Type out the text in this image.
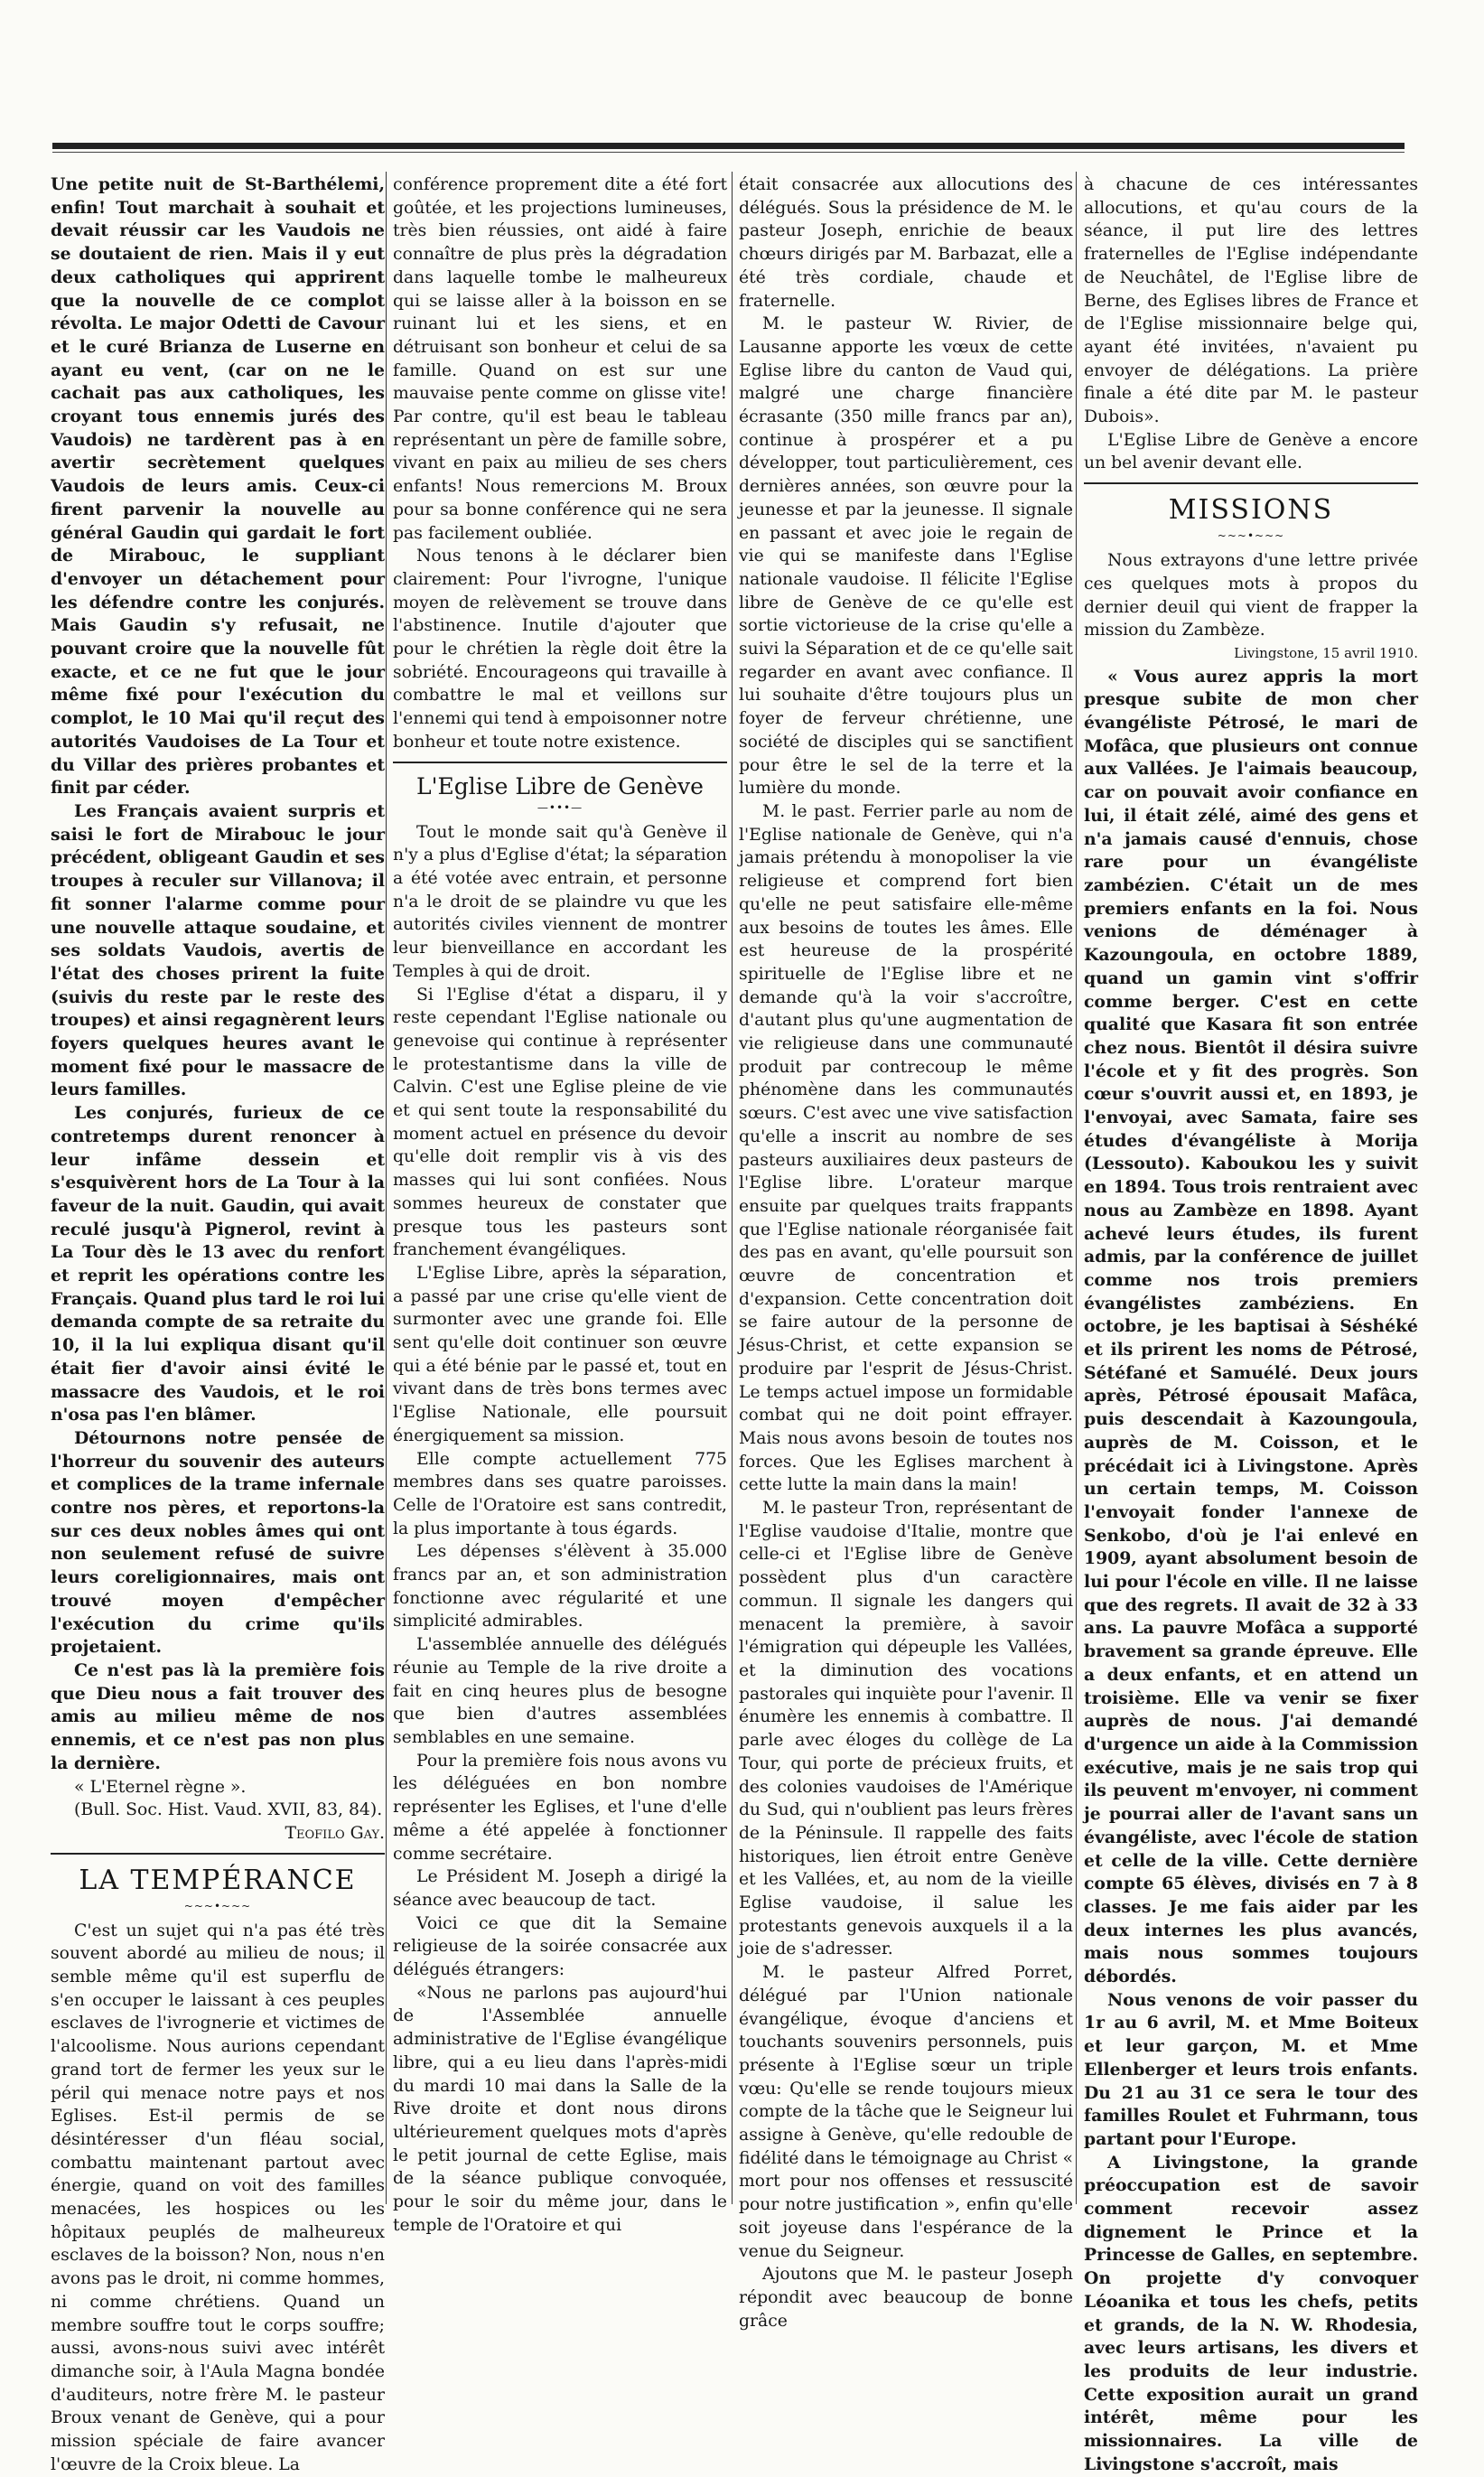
Une petite nuit de St-Barthélemi, enfin! Tout marchait à souhait et devait réussir car les Vaudois ne se doutaient de rien. Mais il y eut deux catholiques qui apprirent que la nouvelle de ce complot révolta. Le major Odetti de Cavour et le curé Brianza de Luserne en ayant eu vent, (car on ne le cachait pas aux catholiques, les croyant tous ennemis jurés des Vaudois) ne tardèrent pas à en avertir secrètement quelques Vaudois de leurs amis. Ceux-ci firent parvenir la nouvelle au général Gaudin qui gardait le fort de Mirabouc, le suppliant d'envoyer un détachement pour les défendre contre les conjurés. Mais Gaudin s'y refusait, ne pouvant croire que la nouvelle fût exacte, et ce ne fut que le jour même fixé pour l'exécution du complot, le 10 Mai qu'il reçut des autorités Vaudoises de La Tour et du Villar des prières probantes et finit par céder.

Les Français avaient surpris et saisi le fort de Mirabouc le jour précédent, obligeant Gaudin et ses troupes à reculer sur Villanova; il fit sonner l'alarme comme pour une nouvelle attaque soudaine, et ses soldats Vaudois, avertis de l'état des choses prirent la fuite (suivis du reste par le reste des troupes) et ainsi regagnèrent leurs foyers quelques heures avant le moment fixé pour le massacre de leurs familles.

Les conjurés, furieux de ce contretemps durent renoncer à leur infâme dessein et s'esquivèrent hors de La Tour à la faveur de la nuit. Gaudin, qui avait reculé jusqu'à Pignerol, revint à La Tour dès le 13 avec du renfort et reprit les opérations contre les Français. Quand plus tard le roi lui demanda compte de sa retraite du 10, il la lui expliqua disant qu'il était fier d'avoir ainsi évité le massacre des Vaudois, et le roi n'osa pas l'en blâmer.

Détournons notre pensée de l'horreur du souvenir des auteurs et complices de la trame infernale contre nos pères, et reportons-la sur ces deux nobles âmes qui ont non seulement refusé de suivre leurs coreligionnaires, mais ont trouvé moyen d'empêcher l'exécution du crime qu'ils projetaient.

Ce n'est pas là la première fois que Dieu nous a fait trouver des amis au milieu même de nos ennemis, et ce n'est pas non plus la dernière.

« L'Eternel règne ».

(Bull. Soc. Hist. Vaud. XVII, 83, 84).

Teofilo Gay.

LA TEMPÉRANCE
~~~•~~~

C'est un sujet qui n'a pas été très souvent abordé au milieu de nous; il semble même qu'il est superflu de s'en occuper le laissant à ces peuples esclaves de l'ivrognerie et victimes de l'alcoolisme. Nous aurions cependant grand tort de fermer les yeux sur le péril qui menace notre pays et nos Eglises. Est-il permis de se désintéresser d'un fléau social, combattu maintenant partout avec énergie, quand on voit des familles menacées, les hospices ou les hôpitaux peuplés de malheureux esclaves de la boisson? Non, nous n'en avons pas le droit, ni comme hommes, ni comme chrétiens. Quand un membre souffre tout le corps souffre; aussi, avons-nous suivi avec intérêt dimanche soir, à l'Aula Magna bondée d'auditeurs, notre frère M. le pasteur Broux venant de Genève, qui a pour mission spéciale de faire avancer l'œuvre de la Croix bleue. La

conférence proprement dite a été fort goûtée, et les projections lumineuses, très bien réussies, ont aidé à faire connaître de plus près la dégradation dans laquelle tombe le malheureux qui se laisse aller à la boisson en se ruinant lui et les siens, et en détruisant son bonheur et celui de sa famille. Quand on est sur une mauvaise pente comme on glisse vite! Par contre, qu'il est beau le tableau représentant un père de famille sobre, vivant en paix au milieu de ses chers enfants! Nous remercions M. Broux pour sa bonne conférence qui ne sera pas facilement oubliée.

Nous tenons à le déclarer bien clairement: Pour l'ivrogne, l'unique moyen de relèvement se trouve dans l'abstinence. Inutile d'ajouter que pour le chrétien la règle doit être la sobriété. Encourageons qui travaille à combattre le mal et veillons sur l'ennemi qui tend à empoisonner notre bonheur et toute notre existence.

L'Eglise Libre de Genève
—•••—

Tout le monde sait qu'à Genève il n'y a plus d'Eglise d'état; la séparation a été votée avec entrain, et personne n'a le droit de se plaindre vu que les autorités civiles viennent de montrer leur bienveillance en accordant les Temples à qui de droit.

Si l'Eglise d'état a disparu, il y reste cependant l'Eglise nationale ou genevoise qui continue à représenter le protestantisme dans la ville de Calvin. C'est une Eglise pleine de vie et qui sent toute la responsabilité du moment actuel en présence du devoir qu'elle doit remplir vis à vis des masses qui lui sont confiées. Nous sommes heureux de constater que presque tous les pasteurs sont franchement évangéliques.

L'Eglise Libre, après la séparation, a passé par une crise qu'elle vient de surmonter avec une grande foi. Elle sent qu'elle doit continuer son œuvre qui a été bénie par le passé et, tout en vivant dans de très bons termes avec l'Eglise Nationale, elle poursuit énergiquement sa mission.

Elle compte actuellement 775 membres dans ses quatre paroisses. Celle de l'Oratoire est sans contredit, la plus importante à tous égards.

Les dépenses s'élèvent à 35.000 francs par an, et son administration fonctionne avec régularité et une simplicité admirables.

L'assemblée annuelle des délégués réunie au Temple de la rive droite a fait en cinq heures plus de besogne que bien d'autres assemblées semblables en une semaine.

Pour la première fois nous avons vu les déléguées en bon nombre représenter les Eglises, et l'une d'elle même a été appelée à fonctionner comme secrétaire.

Le Président M. Joseph a dirigé la séance avec beaucoup de tact.

Voici ce que dit la Semaine religieuse de la soirée consacrée aux délégués étrangers:

«Nous ne parlons pas aujourd'hui de l'Assemblée annuelle administrative de l'Eglise évangélique libre, qui a eu lieu dans l'après-midi du mardi 10 mai dans la Salle de la Rive droite et dont nous dirons ultérieurement quelques mots d'après le petit journal de cette Eglise, mais de la séance publique convoquée, pour le soir du même jour, dans le temple de l'Oratoire et qui

était consacrée aux allocutions des délégués. Sous la présidence de M. le pasteur Joseph, enrichie de beaux chœurs dirigés par M. Barbazat, elle a été très cordiale, chaude et fraternelle.

M. le pasteur W. Rivier, de Lausanne apporte les vœux de cette Eglise libre du canton de Vaud qui, malgré une charge financière écrasante (350 mille francs par an), continue à prospérer et a pu développer, tout particulièrement, ces dernières années, son œuvre pour la jeunesse et par la jeunesse. Il signale en passant et avec joie le regain de vie qui se manifeste dans l'Eglise nationale vaudoise. Il félicite l'Eglise libre de Genève de ce qu'elle est sortie victorieuse de la crise qu'elle a suivi la Séparation et de ce qu'elle sait regarder en avant avec confiance. Il lui souhaite d'être toujours plus un foyer de ferveur chrétienne, une société de disciples qui se sanctifient pour être le sel de la terre et la lumière du monde.

M. le past. Ferrier parle au nom de l'Eglise nationale de Genève, qui n'a jamais prétendu à monopoliser la vie religieuse et comprend fort bien qu'elle ne peut satisfaire elle-même aux besoins de toutes les âmes. Elle est heureuse de la prospérité spirituelle de l'Eglise libre et ne demande qu'à la voir s'accroître, d'autant plus qu'une augmentation de vie religieuse dans une communauté produit par contrecoup le même phénomène dans les communautés sœurs. C'est avec une vive satisfaction qu'elle a inscrit au nombre de ses pasteurs auxiliaires deux pasteurs de l'Eglise libre. L'orateur marque ensuite par quelques traits frappants que l'Eglise nationale réorganisée fait des pas en avant, qu'elle poursuit son œuvre de concentration et d'expansion. Cette concentration doit se faire autour de la personne de Jésus-Christ, et cette expansion se produire par l'esprit de Jésus-Christ. Le temps actuel impose un formidable combat qui ne doit point effrayer. Mais nous avons besoin de toutes nos forces. Que les Eglises marchent à cette lutte la main dans la main!

M. le pasteur Tron, représentant de l'Eglise vaudoise d'Italie, montre que celle-ci et l'Eglise libre de Genève possèdent plus d'un caractère commun. Il signale les dangers qui menacent la première, à savoir l'émigration qui dépeuple les Vallées, et la diminution des vocations pastorales qui inquiète pour l'avenir. Il énumère les ennemis à combattre. Il parle avec éloges du collège de La Tour, qui porte de précieux fruits, et des colonies vaudoises de l'Amérique du Sud, qui n'oublient pas leurs frères de la Péninsule. Il rappelle des faits historiques, lien étroit entre Genève et les Vallées, et, au nom de la vieille Eglise vaudoise, il salue les protestants genevois auxquels il a la joie de s'adresser.

M. le pasteur Alfred Porret, délégué par l'Union nationale évangélique, évoque d'anciens et touchants souvenirs personnels, puis présente à l'Eglise sœur un triple vœu: Qu'elle se rende toujours mieux compte de la tâche que le Seigneur lui assigne à Genève, qu'elle redouble de fidélité dans le témoignage au Christ « mort pour nos offenses et ressuscité pour notre justification », enfin qu'elle soit joyeuse dans l'espérance de la venue du Seigneur.

Ajoutons que M. le pasteur Joseph répondit avec beaucoup de bonne grâce

à chacune de ces intéressantes allocutions, et qu'au cours de la séance, il put lire des lettres fraternelles de l'Eglise indépendante de Neuchâtel, de l'Eglise libre de Berne, des Eglises libres de France et de l'Eglise missionnaire belge qui, ayant été invitées, n'avaient pu envoyer de délégations. La prière finale a été dite par M. le pasteur Dubois».

L'Eglise Libre de Genève a encore un bel avenir devant elle.

MISSIONS
~~~•~~~

Nous extrayons d'une lettre privée ces quelques mots à propos du dernier deuil qui vient de frapper la mission du Zambèze.

Livingstone, 15 avril 1910.

« Vous aurez appris la mort presque subite de mon cher évangéliste Pétrosé, le mari de Mofâca, que plusieurs ont connue aux Vallées. Je l'aimais beaucoup, car on pouvait avoir confiance en lui, il était zélé, aimé des gens et n'a jamais causé d'ennuis, chose rare pour un évangéliste zambézien. C'était un de mes premiers enfants en la foi. Nous venions de déménager à Kazoungoula, en octobre 1889, quand un gamin vint s'offrir comme berger. C'est en cette qualité que Kasara fit son entrée chez nous. Bientôt il désira suivre l'école et y fit des progrès. Son cœur s'ouvrit aussi et, en 1893, je l'envoyai, avec Samata, faire ses études d'évangéliste à Morija (Lessouto). Kaboukou les y suivit en 1894. Tous trois rentraient avec nous au Zambèze en 1898. Ayant achevé leurs études, ils furent admis, par la conférence de juillet comme nos trois premiers évangélistes zambéziens. En octobre, je les baptisai à Séshéké et ils prirent les noms de Pétrosé, Sétéfané et Samuélé. Deux jours après, Pétrosé épousait Mafâca, puis descendait à Kazoungoula, auprès de M. Coisson, et le précédait ici à Livingstone. Après un certain temps, M. Coisson l'envoyait fonder l'annexe de Senkobo, d'où je l'ai enlevé en 1909, ayant absolument besoin de lui pour l'école en ville. Il ne laisse que des regrets. Il avait de 32 à 33 ans. La pauvre Mofâca a supporté bravement sa grande épreuve. Elle a deux enfants, et en attend un troisième. Elle va venir se fixer auprès de nous. J'ai demandé d'urgence un aide à la Commission exécutive, mais je ne sais trop qui ils peuvent m'envoyer, ni comment je pourrai aller de l'avant sans un évangéliste, avec l'école de station et celle de la ville. Cette dernière compte 65 élèves, divisés en 7 à 8 classes. Je me fais aider par les deux internes les plus avancés, mais nous sommes toujours débordés.

Nous venons de voir passer du 1r au 6 avril, M. et Mme Boiteux et leur garçon, M. et Mme Ellenberger et leurs trois enfants. Du 21 au 31 ce sera le tour des familles Roulet et Fuhrmann, tous partant pour l'Europe.

A Livingstone, la grande préoccupation est de savoir comment recevoir assez dignement le Prince et la Princesse de Galles, en septembre. On projette d'y convoquer Léoanika et tous les chefs, petits et grands, de la N. W. Rhodesia, avec leurs artisans, les divers et les produits de leur industrie. Cette exposition aurait un grand intérêt, même pour les missionnaires. La ville de Livingstone s'accroît, mais
